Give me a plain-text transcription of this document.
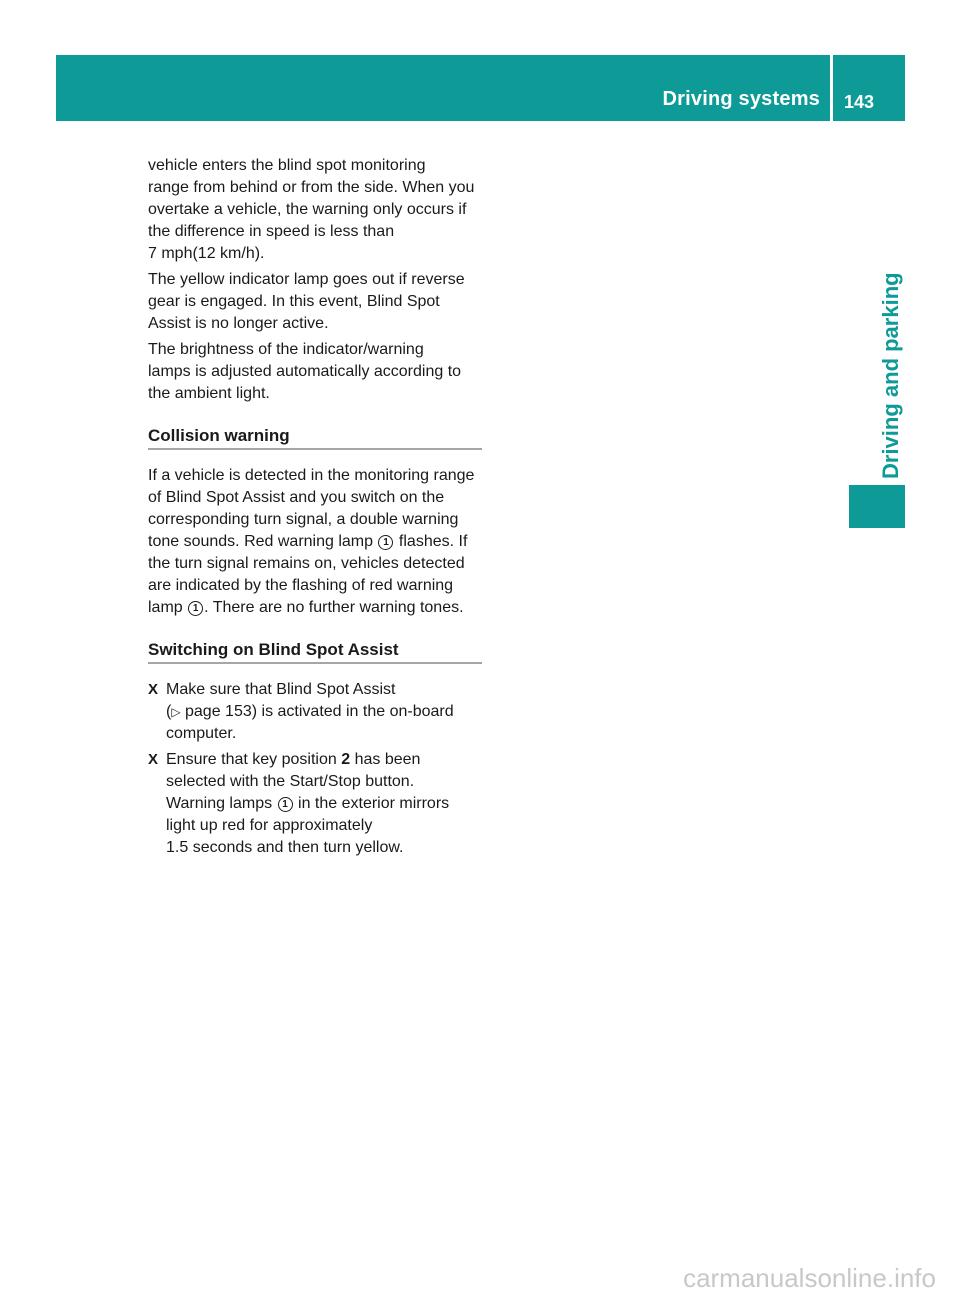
Driving systems 143
Driving and parking

vehicle enters the blind spot monitoring
range from behind or from the side. When you
overtake a vehicle, the warning only occurs if
the difference in speed is less than
7 mph(12 km/h).

The yellow indicator lamp goes out if reverse
gear is engaged. In this event, Blind Spot
Assist is no longer active.

The brightness of the indicator/warning
lamps is adjusted automatically according to
the ambient light.

Collision warning

If a vehicle is detected in the monitoring range
of Blind Spot Assist and you switch on the
corresponding turn signal, a double warning
tone sounds. Red warning lamp 1 flashes. If
the turn signal remains on, vehicles detected
are indicated by the flashing of red warning
lamp 1 . There are no further warning tones.

Switching on Blind Spot Assist
X Make sure that Blind Spot Assist
(▷ page 153) is activated in the on-board
computer.
X Ensure that key position 2 has been
selected with the Start/Stop button.
Warning lamps 1 in the exterior mirrors
light up red for approximately
1.5 seconds and then turn yellow.
carmanualsonline.info
